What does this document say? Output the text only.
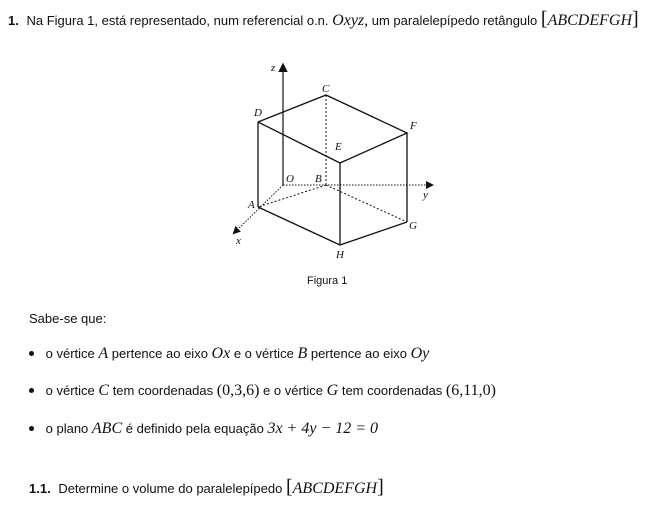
1. Na Figura 1, está representado, num referencial o.n. Oxyz, um paralelepípedo retângulo [ABCDEFGH]
z
y
x
O
A
B
C
D
E
F
G
H
Figura 1
Sabe-se que:
o vértice A pertence ao eixo Ox e o vértice B pertence ao eixo Oy
o vértice C tem coordenadas (0,3,6) e o vértice G tem coordenadas (6,11,0)
o plano ABC é definido pela equação 3x + 4y − 12 = 0
1.1. Determine o volume do paralelepípedo [ABCDEFGH]
